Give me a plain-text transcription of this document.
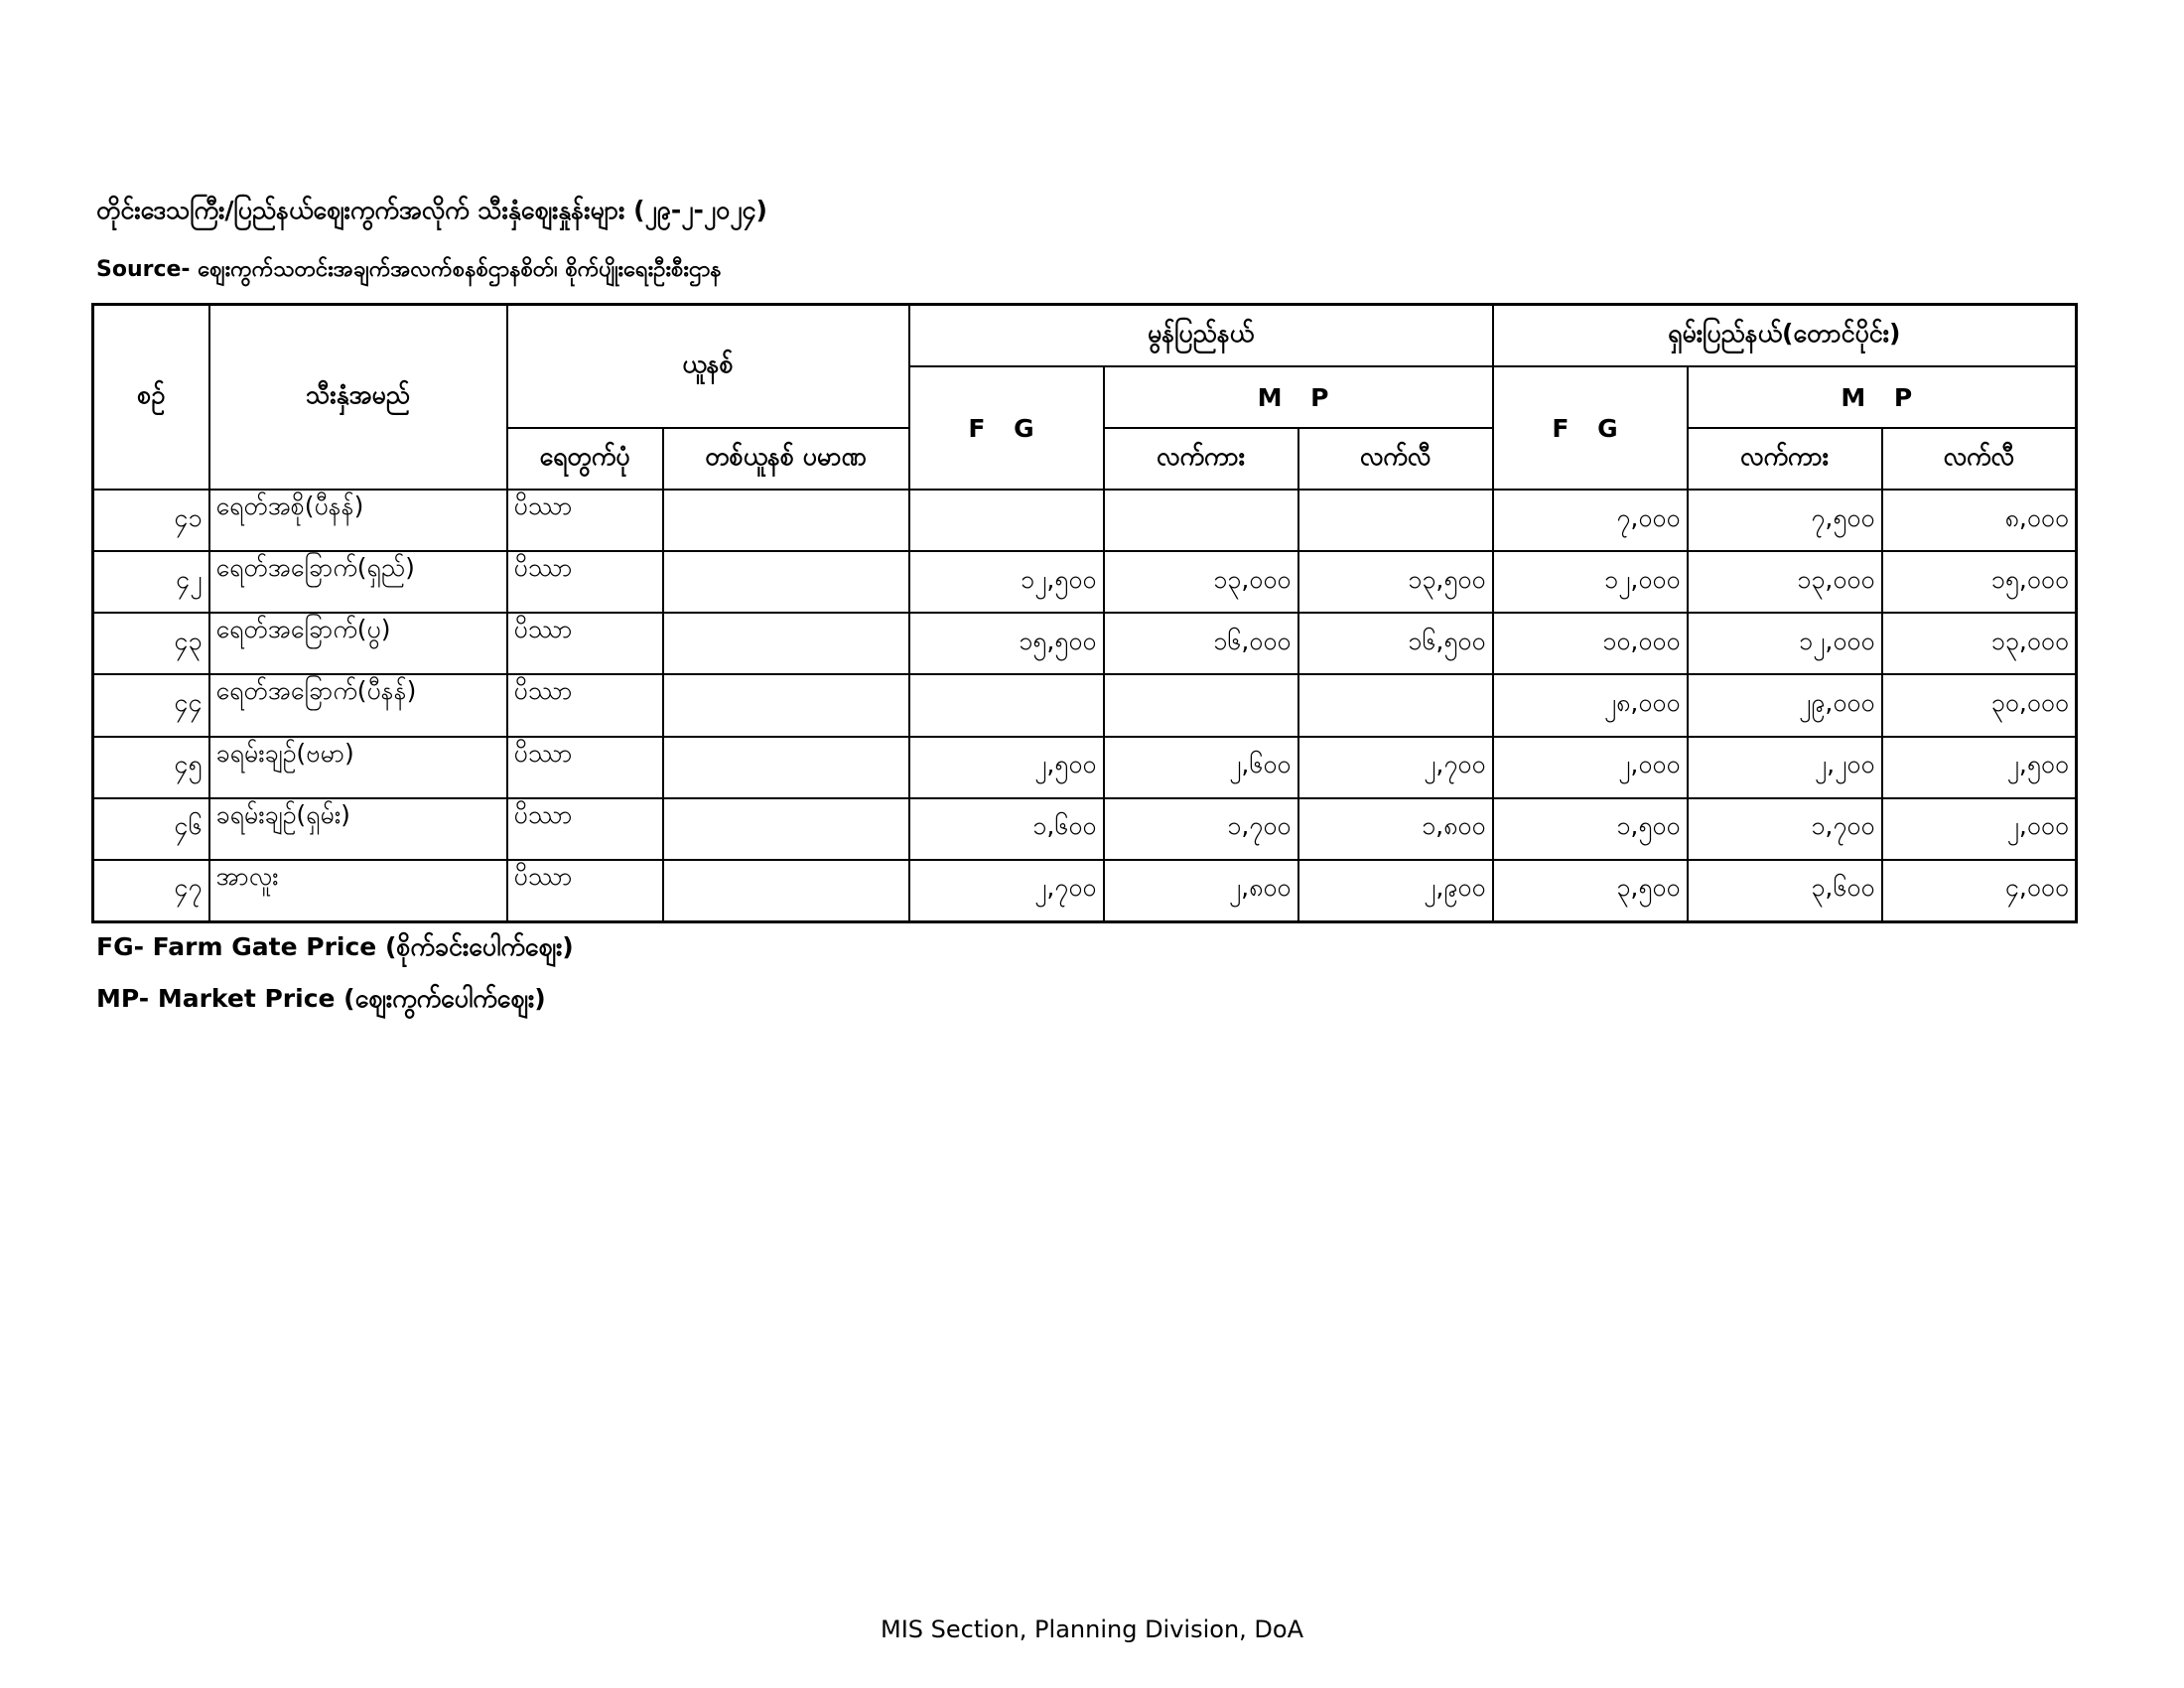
တိုင်းဒေသကြီး/ပြည်နယ်ဈေးကွက်အလိုက် သီးနှံဈေးနှုန်းများ (၂၉-၂-၂၀၂၄)
Source- ဈေးကွက်သတင်းအချက်အလက်စနစ်ဌာနစိတ်၊ စိုက်ပျိုးရေးဦးစီးဌာန
စဉ်	သီးနှံအမည်	ယူနစ်		မွန်ပြည်နယ်			ရှမ်းပြည်နယ်(တောင်ပိုင်း)		
				F G	M P		F G	M P	
		ရေတွက်ပုံ	တစ်ယူနစ် ပမာဏ		လက်ကား	လက်လီ		လက်ကား	လက်လီ
၄၁	ရေတ်အစို(ပီနန်)	ပိဿာ					၇,၀၀၀	၇,၅၀၀	၈,၀၀၀
၄၂	ရေတ်အခြောက်(ရှည်)	ပိဿာ		၁၂,၅၀၀	၁၃,၀၀၀	၁၃,၅၀၀	၁၂,၀၀၀	၁၃,၀၀၀	၁၅,၀၀၀
၄၃	ရေတ်အခြောက်(ပွ)	ပိဿာ		၁၅,၅၀၀	၁၆,၀၀၀	၁၆,၅၀၀	၁၀,၀၀၀	၁၂,၀၀၀	၁၃,၀၀၀
၄၄	ရေတ်အခြောက်(ပီနန်)	ပိဿာ					၂၈,၀၀၀	၂၉,၀၀၀	၃၀,၀၀၀
၄၅	ခရမ်းချဉ်(ဗမာ)	ပိဿာ		၂,၅၀၀	၂,၆၀၀	၂,၇၀၀	၂,၀၀၀	၂,၂၀၀	၂,၅၀၀
၄၆	ခရမ်းချဉ်(ရှမ်း)	ပိဿာ		၁,၆၀၀	၁,၇၀၀	၁,၈၀၀	၁,၅၀၀	၁,၇၀၀	၂,၀၀၀
၄၇	အာလူး	ပိဿာ		၂,၇၀၀	၂,၈၀၀	၂,၉၀၀	၃,၅၀၀	၃,၆၀၀	၄,၀၀၀
FG- Farm Gate Price (စိုက်ခင်းပေါက်ဈေး)
MP- Market Price (ဈေးကွက်ပေါက်ဈေး)
MIS Section, Planning Division, DoA
